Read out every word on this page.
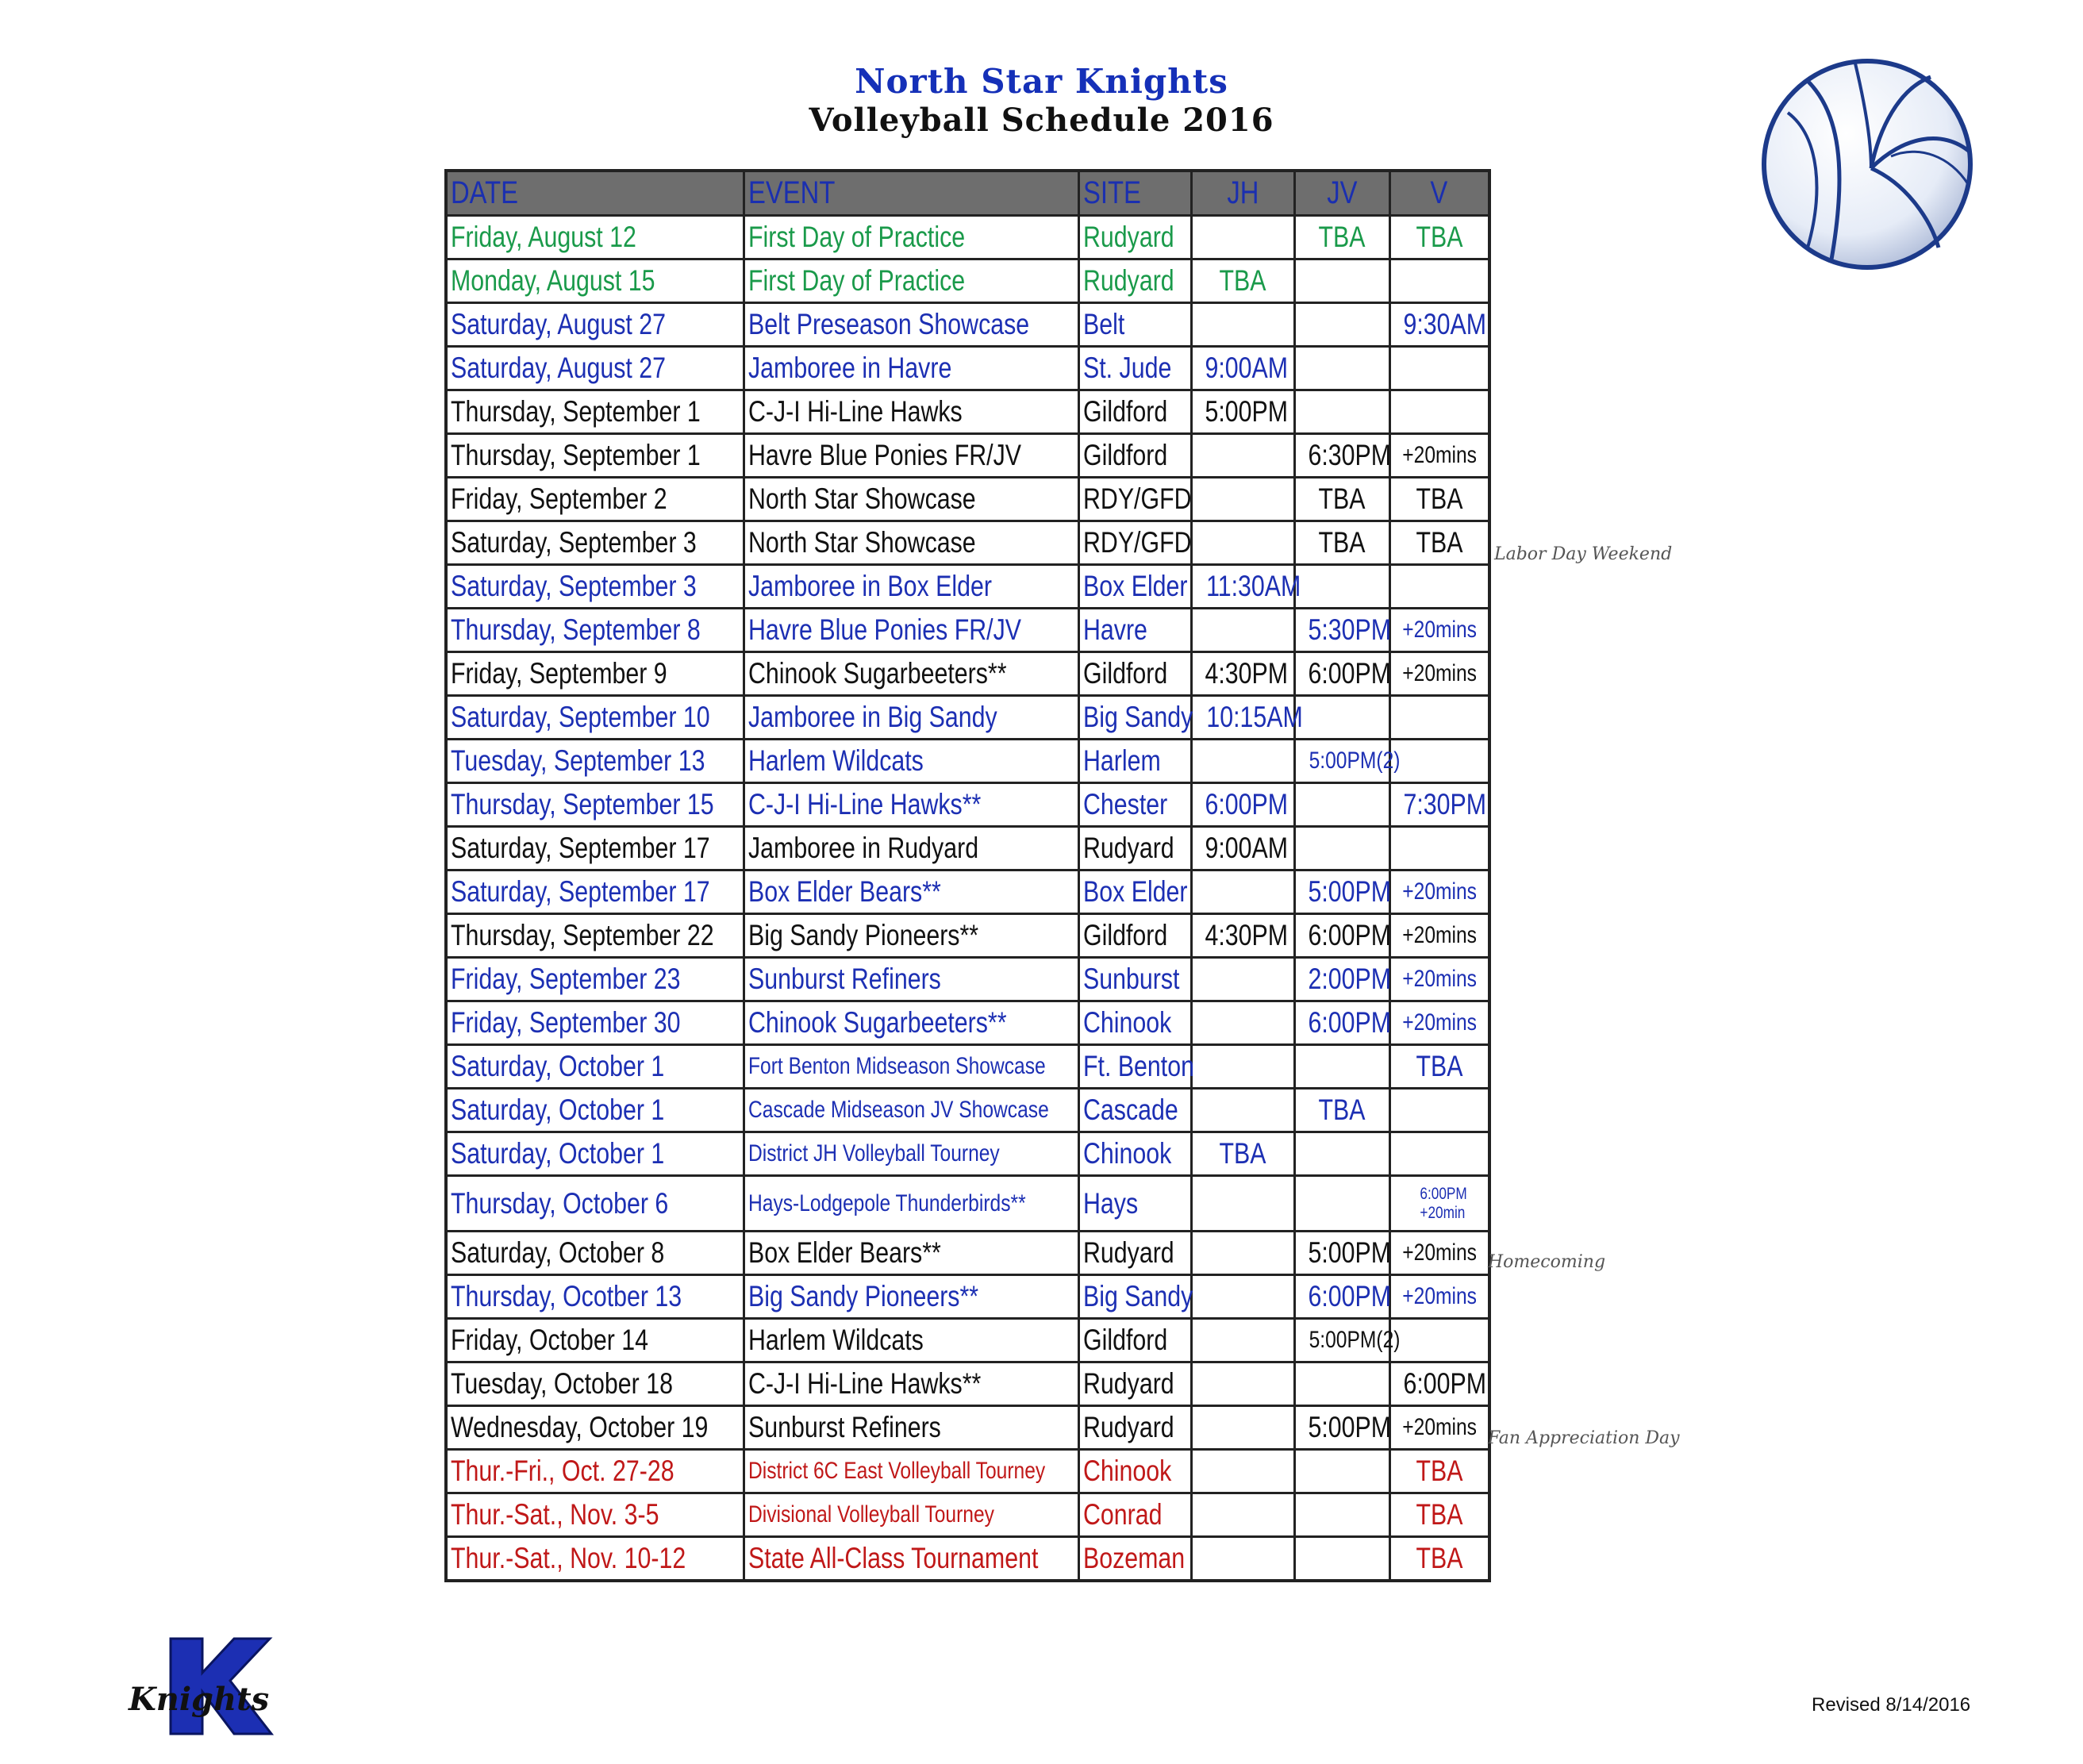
North Star Knights
Volleyball Schedule 2016
DATE	EVENT	SITE	JH	JV	V
Friday, August 12	First Day of Practice	Rudyard		TBA	TBA
Monday, August 15	First Day of Practice	Rudyard	TBA		
Saturday, August 27	Belt Preseason Showcase	Belt			9:30AM
Saturday, August 27	Jamboree in Havre	St. Jude	9:00AM		
Thursday, September 1	C-J-I Hi-Line Hawks	Gildford	5:00PM		
Thursday, September 1	Havre Blue Ponies FR/JV	Gildford		6:30PM	+20mins
Friday, September 2	North Star Showcase	RDY/GFD		TBA	TBA
Saturday, September 3	North Star Showcase	RDY/GFD		TBA	TBA
Saturday, September 3	Jamboree in Box Elder	Box Elder	11:30AM		
Thursday, September 8	Havre Blue Ponies FR/JV	Havre		5:30PM	+20mins
Friday, September 9	Chinook Sugarbeeters**	Gildford	4:30PM	6:00PM	+20mins
Saturday, September 10	Jamboree in Big Sandy	Big Sandy	10:15AM		
Tuesday, September 13	Harlem Wildcats	Harlem		5:00PM(2)	
Thursday, September 15	C-J-I Hi-Line Hawks**	Chester	6:00PM		7:30PM
Saturday, September 17	Jamboree in Rudyard	Rudyard	9:00AM		
Saturday, September 17	Box Elder Bears**	Box Elder		5:00PM	+20mins
Thursday, September 22	Big Sandy Pioneers**	Gildford	4:30PM	6:00PM	+20mins
Friday, September 23	Sunburst Refiners	Sunburst		2:00PM	+20mins
Friday, September 30	Chinook Sugarbeeters**	Chinook		6:00PM	+20mins
Saturday, October 1	Fort Benton Midseason Showcase	Ft. Benton			TBA
Saturday, October 1	Cascade Midseason JV Showcase	Cascade		TBA	
Saturday, October 1	District JH Volleyball Tourney	Chinook	TBA		
Thursday, October 6	Hays-Lodgepole Thunderbirds**	Hays			6:00PM +20min
Saturday, October 8	Box Elder Bears**	Rudyard		5:00PM	+20mins
Thursday, Ocotber 13	Big Sandy Pioneers**	Big Sandy		6:00PM	+20mins
Friday, October 14	Harlem Wildcats	Gildford		5:00PM(2)	
Tuesday, October 18	C-J-I Hi-Line Hawks**	Rudyard			6:00PM
Wednesday, October 19	Sunburst Refiners	Rudyard		5:00PM	+20mins
Thur.-Fri., Oct. 27-28	District 6C East Volleyball Tourney	Chinook			TBA
Thur.-Sat., Nov. 3-5	Divisional Volleyball Tourney	Conrad			TBA
Thur.-Sat., Nov. 10-12	State All-Class Tournament	Bozeman			TBA
Labor Day Weekend
Homecoming
Fan Appreciation Day
Knights	Revised 8/14/2016
